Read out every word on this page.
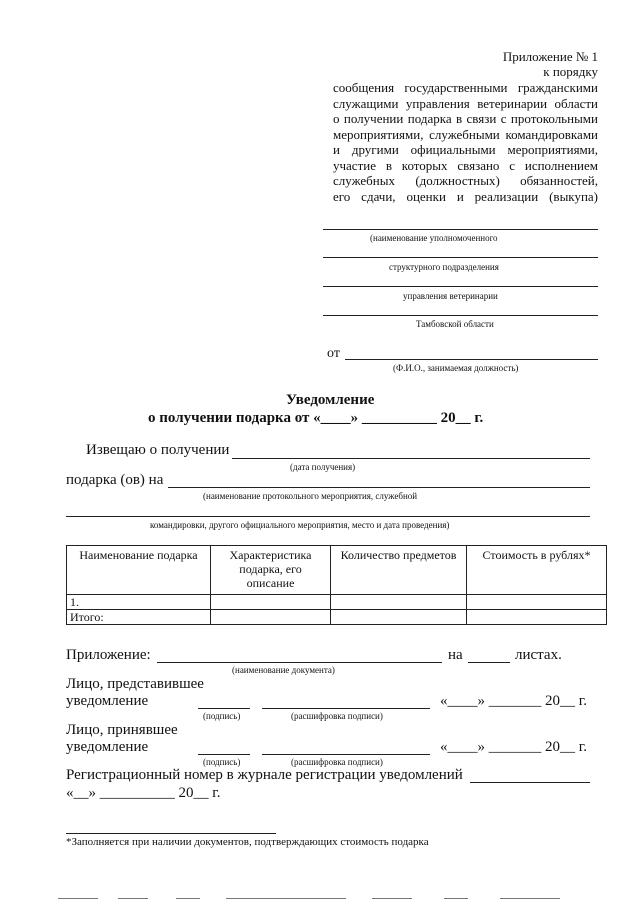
Приложение № 1
к порядку
сообщения государственными гражданскими
служащими управления ветеринарии области
о получении подарка в связи с протокольными
мероприятиями, служебными командировками
и другими официальными мероприятиями,
участие в которых связано с исполнением
служебных (должностных) обязанностей,
его сдачи, оценки и реализации (выкупа)
(наименование уполномоченного
структурного подразделения
управления ветеринарии
Тамбовской области
от
(Ф.И.О., занимаемая должность)
Уведомление
о получении подарка от «____» __________ 20__ г.
Извещаю о получении
(дата получения)
подарка (ов) на
(наименование протокольного мероприятия, служебной
командировки, другого официального мероприятия, место и дата проведения)
Наименование подарка	Характеристика подарка, его описание	Количество предметов	Стоимость в рублях*
1.			
Итого:			
Приложение:	на	листах.
(наименование документа)
Лицо, представившее
уведомление	«____» _______ 20__ г.
(подпись)	(расшифровка подписи)
Лицо, принявшее
уведомление	«____» _______ 20__ г.
(подпись)	(расшифровка подписи)
Регистрационный номер в журнале регистрации уведомлений
«__» __________ 20__ г.
*Заполняется при наличии документов, подтверждающих стоимость подарка
